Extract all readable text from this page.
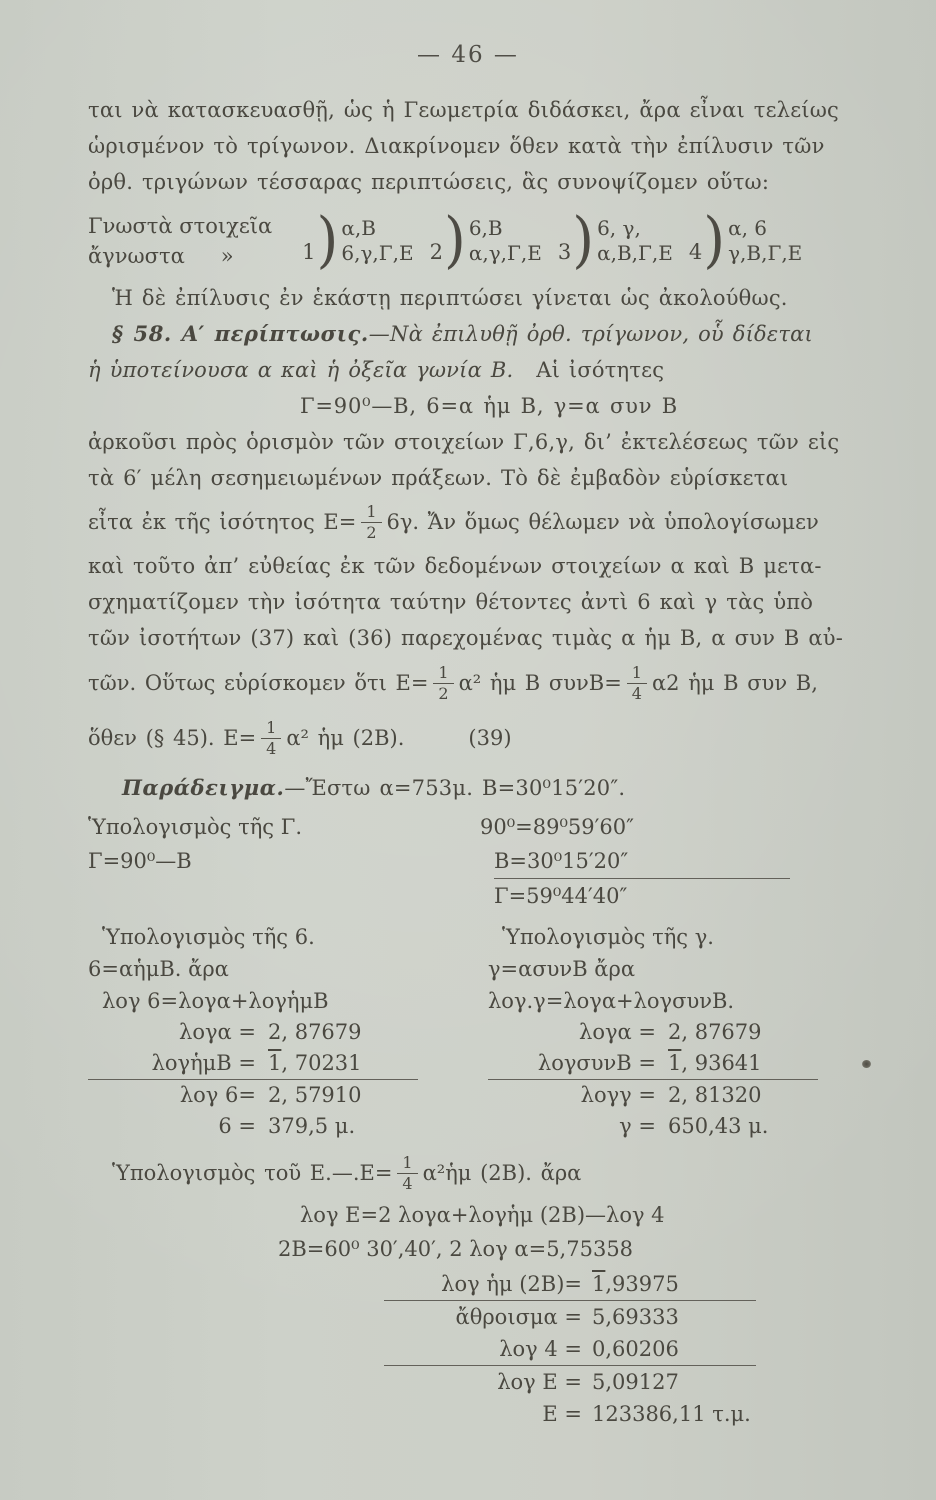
— 46 —
ται νὰ κατασκευασθῇ, ὡς ἡ Γεωμετρία διδάσκει, ἄρα εἶναι τελείως
ὡρισμένον τὸ τρίγωνον. Διακρίνομεν ὅθεν κατὰ τὴν ἐπίλυσιν τῶν
ὀρθ. τριγώνων τέσσαρας περιπτώσεις, ἃς συνοψίζομεν οὕτω:
Γνωστὰ στοιχεῖα
ἄγνωστα »	1 ) α,Β
6,γ,Γ,Ε 2 ) 6,Β
α,γ,Γ,Ε 3 ) 6, γ,
α,Β,Γ,Ε 4 ) α, 6
γ,Β,Γ,Ε
Ἡ δὲ ἐπίλυσις ἐν ἑκάστῃ περιπτώσει γίνεται ὡς ἀκολούθως.
§ 58. Α′ περίπτωσις.—Νὰ ἐπιλυθῇ ὀρθ. τρίγωνον, οὗ δίδεται
ἡ ὑποτείνουσα α καὶ ἡ ὀξεῖα γωνία Β. Αἱ ἰσότητες
Γ=90⁰—Β, 6=α ἡμ Β, γ=α συν Β
ἀρκοῦσι πρὸς ὁρισμὸν τῶν στοιχείων Γ,6,γ, δι’ ἐκτελέσεως τῶν εἰς
τὰ 6′ μέλη σεσημειωμένων πράξεων. Τὸ δὲ ἐμβαδὸν εὑρίσκεται
εἶτα ἐκ τῆς ἰσότητος $E= \frac{1}{2} 6\gamma$. Ἄν ὅμως θέλωμεν νὰ ὑπολογίσωμεν
καὶ τοῦτο ἀπ’ εὐθείας ἐκ τῶν δεδομένων στοιχείων α καὶ Β μετα-
σχηματίζομεν τὴν ἰσότητα ταύτην θέτοντες ἀντὶ 6 καὶ γ τὰς ὑπὸ
τῶν ἰσοτήτων (37) καὶ (36) παρεχομένας τιμὰς α ἡμ Β, α συν Β αὐ-
τῶν. Οὕτως εὑρίσκομεν ὅτι $E= \frac{1}{2} \alpha^2$ ἡμ Β $\sigma\upsilon\nu B= \frac{1}{4} \alpha 2$ ἡμ Β συν Β,
ὅθεν (§ 45). $E= \frac{1}{4} \alpha^2$ ἡμ (2Β).	(39)
Παράδειγμα.—Ἔστω α=753μ. Β=30⁰15′20″.
Ὑπολογισμὸς τῆς Γ.
Γ=90⁰—Β
90⁰=89⁰59′60″
Β=30⁰15′20″
Γ=59⁰44′40″
Ὑπολογισμὸς τῆς 6.
6=αἡμΒ. ἄρα
λογ 6=λογα+λογἡμΒ
λογα = 2, 87679
λογἡμΒ = 1, 70231
λογ 6= 2, 57910
6 = 379,5 μ.
Ὑπολογισμὸς τῆς γ.
γ=ασυνΒ ἄρα
λογ.γ=λογα+λογσυνΒ.
λογα = 2, 87679
λογσυνΒ = 1, 93641
λογγ = 2, 81320
γ = 650,43 μ.
Ὑπολογισμὸς τοῦ Ε.—.Ε= $\frac{1}{4}$ α²ἡμ (2Β). ἄρα
λογ Ε=2 λογα+λογἡμ (2Β)—λογ 4
2Β=60⁰ 30′,40′, 2 λογ α=5,75358
λογ ἡμ (2Β)= 1,93975
ἄθροισμα = 5,69333
λογ 4 = 0,60206
λογ Ε = 5,09127
Ε = 123386,11 τ.μ.
